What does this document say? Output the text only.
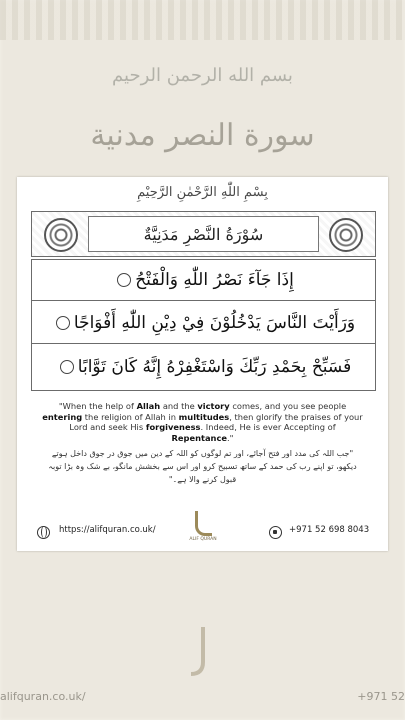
بسم الله الرحمن الرحيم
سورة النصر مدنية
alifquran.co.uk/	+971 52
بِسْمِ اللّٰهِ الرَّحْمٰنِ الرَّحِيْمِ
سُوْرَةُ النَّصْرِ مَدَنِيَّةٌ
إِذَا جَآءَ نَصْرُ اللّٰهِ وَالْفَتْحُ
وَرَأَيْتَ النَّاسَ يَدْخُلُوْنَ فِيْ دِيْنِ اللّٰهِ أَفْوَاجًا
فَسَبِّحْ بِحَمْدِ رَبِّكَ وَاسْتَغْفِرْهُ إِنَّهُ كَانَ تَوَّابًا
"When the help of Allah and the victory comes, and you see people entering the religion of Allah in multitudes, then glorify the praises of your Lord and seek His forgiveness. Indeed, He is ever Accepting of Repentance."
"جب اللہ کی مدد اور فتح آجائے، اور تم لوگوں کو اللہ کے دین میں جوق در جوق داخل ہوتے دیکھو، تو اپنے رب کی حمد کے ساتھ تسبیح کرو اور اس سے بخشش مانگو، بے شک وہ بڑا توبہ قبول کرنے والا ہے۔"
https://alifquran.co.uk/
ALIF QURAN
+971 52 698 8043
